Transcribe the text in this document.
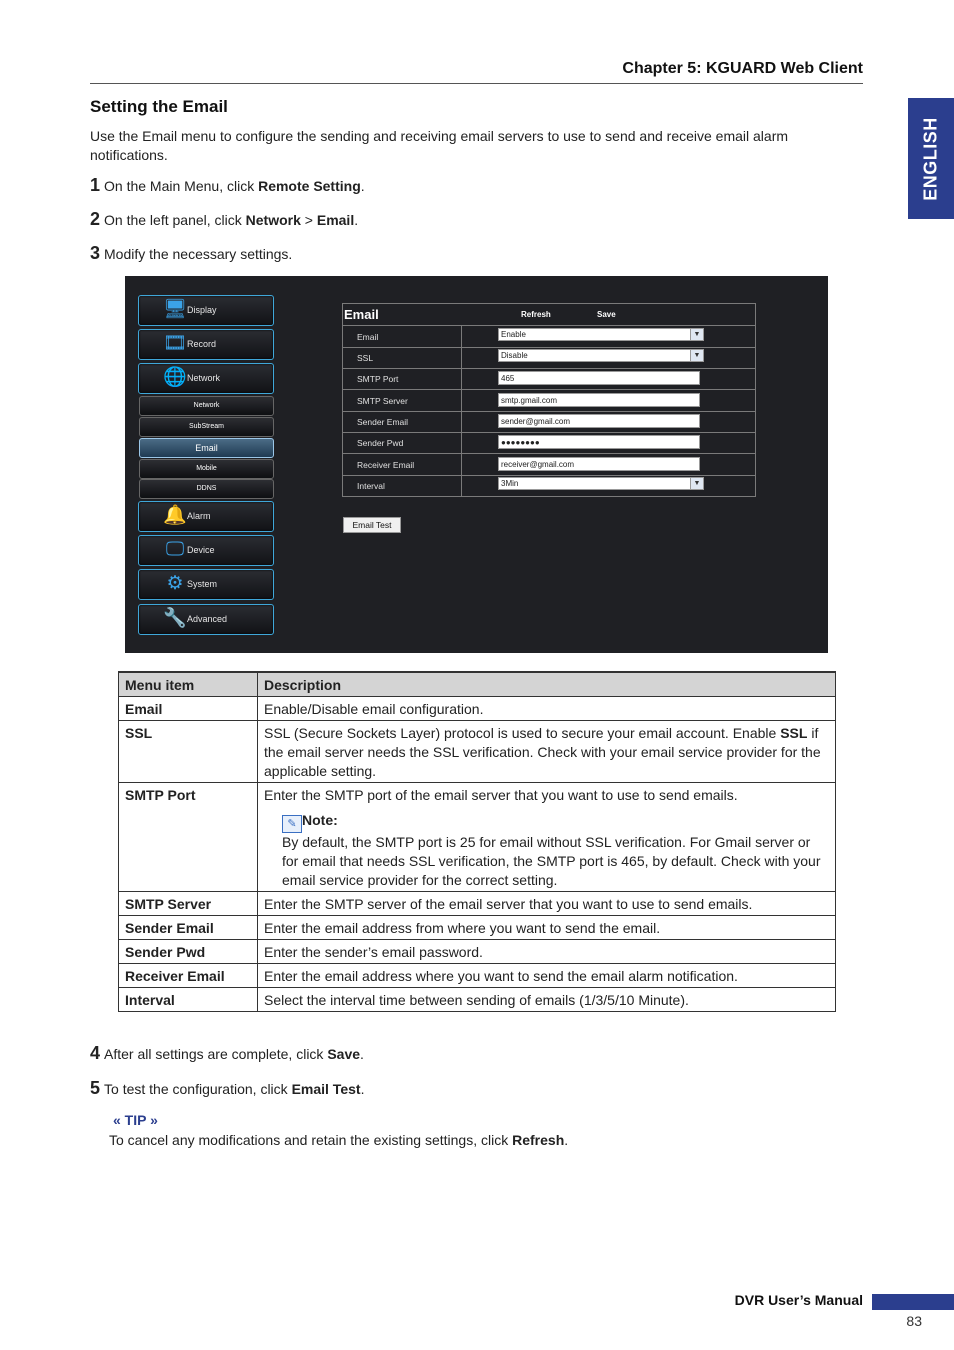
Chapter 5: KGUARD Web Client
ENGLISH
Setting the Email
Use the Email menu to configure the sending and receiving email servers to use to send and receive email alarm notifications.
1 On the Main Menu, click Remote Setting.
2 On the left panel, click Network > Email.
3 Modify the necessary settings.
🖥 Display
🎞 Record
🌐 Network
Network
SubStream
Email
Mobile
DDNS
🔔 Alarm
🖵 Device
⚙ System
🔧 Advanced
Email	Refresh	Save
Email	Enable	▼
SSL	Disable	▼
SMTP Port	465
SMTP Server	smtp.gmail.com
Sender Email	sender@gmail.com
Sender Pwd	●●●●●●●●
Receiver Email	receiver@gmail.com
Interval	3Min	▼
Email Test
Menu item	Description
Email	Enable/Disable email configuration.
SSL	SSL (Secure Sockets Layer) protocol is used to secure your email account. Enable SSL if the email server needs the SSL verification. Check with your email service provider for the applicable setting.
SMTP Port	Enter the SMTP port of the email server that you want to use to send emails.
✎ Note:
By default, the SMTP port is 25 for email without SSL verification. For Gmail server or for email that needs SSL verification, the SMTP port is 465, by default. Check with your email service provider for the correct setting.

SMTP Server	Enter the SMTP server of the email server that you want to use to send emails.
Sender Email	Enter the email address from where you want to send the email.
Sender Pwd	Enter the sender’s email password.
Receiver Email	Enter the email address where you want to send the email alarm notification.
Interval	Select the interval time between sending of emails (1/3/5/10 Minute).
4 After all settings are complete, click Save.
5 To test the configuration, click Email Test.
« TIP »
To cancel any modifications and retain the existing settings, click Refresh.
DVR User’s Manual
83
